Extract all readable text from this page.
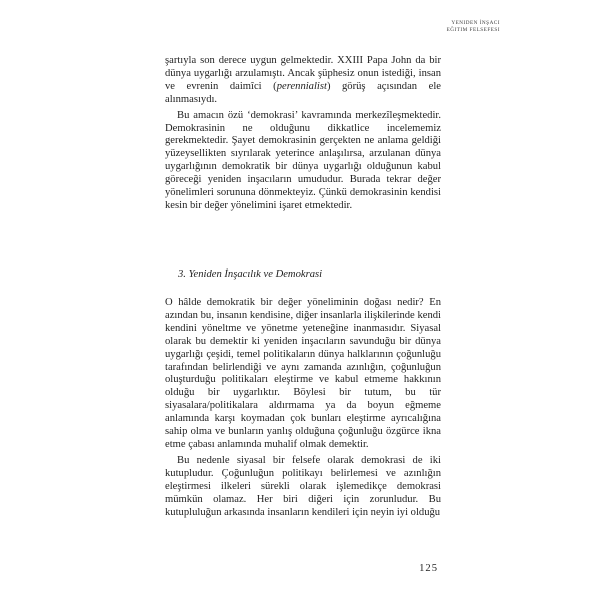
YENIDEN İNŞACI
EĞITIM FELSEFESI

şartıyla son derece uygun gelmektedir. XXIII Papa John da bir dünya uygarlığı arzulamıştı. Ancak şüphesiz onun istediği, insan ve evrenin daimîci (perennialist) görüş açısından ele alınmasıydı.

Bu amacın özü ‘demokrasi’ kavramında merkezîleşmektedir. Demokrasinin ne olduğunu dikkatlice incelememiz gerekmektedir. Şayet demokrasinin gerçekten ne anlama geldiği yüzeysellikten sıyrılarak yeterince anlaşılırsa, arzulanan dünya uygarlığının demokratik bir dünya uygarlığı olduğunun kabul göreceği yeniden inşacıların umududur. Burada tekrar değer yönelimleri sorununa dönmekteyiz. Çünkü demokrasinin kendisi kesin bir değer yönelimini işaret etmektedir.

3. Yeniden İnşacılık ve Demokrasi

O hâlde demokratik bir değer yöneliminin doğası nedir? En azından bu, insanın kendisine, diğer insanlarla ilişkilerinde kendi kendini yöneltme ve yönetme yeteneğine inanmasıdır. Siyasal olarak bu demektir ki yeniden inşacıların savunduğu bir dünya uygarlığı çeşidi, temel politikaların dünya halklarının çoğunluğu tarafından belirlendiği ve aynı zamanda azınlığın, çoğunluğun oluşturduğu politikaları eleştirme ve kabul etmeme hakkının olduğu bir uygarlıktır. Böylesi bir tutum, bu tür siyasalara/politikalara aldırmama ya da boyun eğmeme anlamında karşı koymadan çok bunları eleştirme ayrıcalığına sahip olma ve bunların yanlış olduğuna çoğunluğu özgürce ikna etme çabası anlamında muhalif olmak demektir.

Bu nedenle siyasal bir felsefe olarak demokrasi de iki kutupludur. Çoğunluğun politikayı belirlemesi ve azınlığın eleştirmesi ilkeleri sürekli olarak işlemedikçe demokrasi mümkün olamaz. Her biri diğeri için zorunludur. Bu kutupluluğun arkasında insanların kendileri için neyin iyi olduğu

125
